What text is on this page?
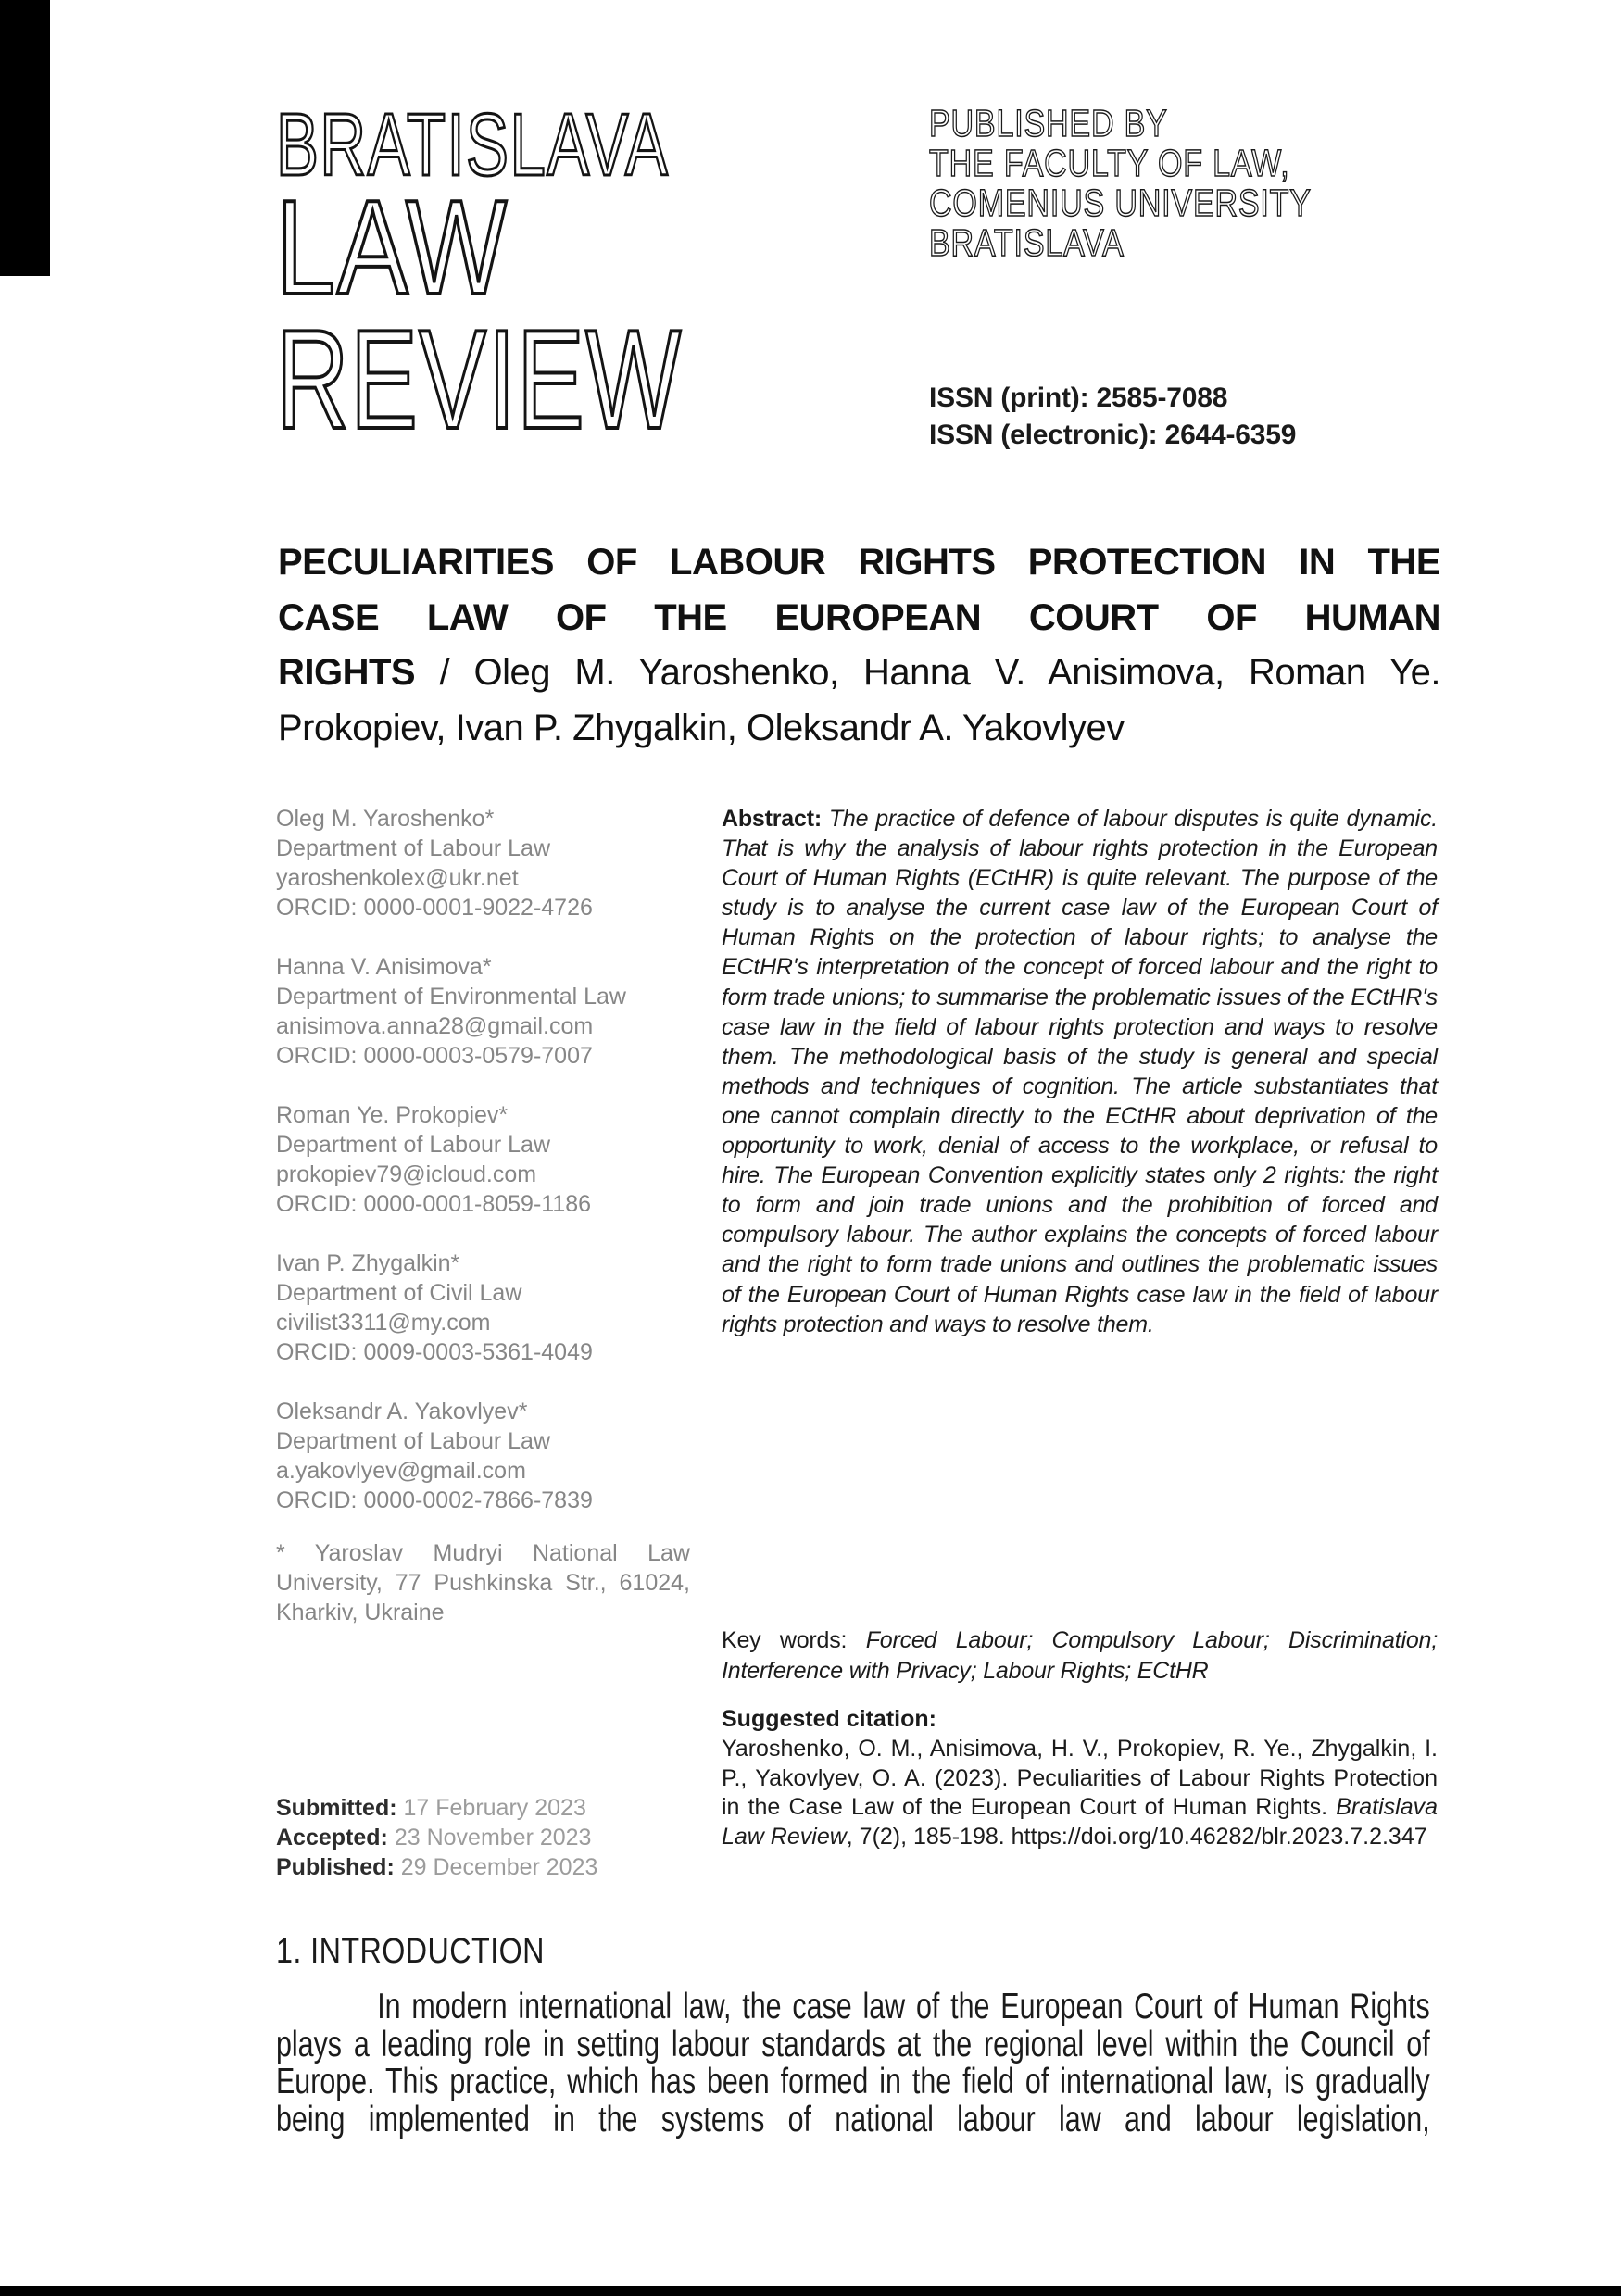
BRATISLAVA
LAW
REVIEW
PUBLISHED BY
THE FACULTY OF LAW,
COMENIUS UNIVERSITY
BRATISLAVA
ISSN (print): 2585-7088
ISSN (electronic): 2644-6359
PECULIARITIES OF LABOUR RIGHTS PROTECTION IN THE
CASE LAW OF THE EUROPEAN COURT OF HUMAN
RIGHTS / Oleg M. Yaroshenko, Hanna V. Anisimova, Roman Ye.
Prokopiev, Ivan P. Zhygalkin, Oleksandr A. Yakovlyev
Oleg M. Yaroshenko*
Department of Labour Law
yaroshenkolex@ukr.net
ORCID: 0000-0001-9022-4726
Hanna V. Anisimova*
Department of Environmental Law
anisimova.anna28@gmail.com
ORCID: 0000-0003-0579-7007
Roman Ye. Prokopiev*
Department of Labour Law
prokopiev79@icloud.com
ORCID: 0000-0001-8059-1186
Ivan P. Zhygalkin*
Department of Civil Law
civilist3311@my.com
ORCID: 0009-0003-5361-4049
Oleksandr A. Yakovlyev*
Department of Labour Law
a.yakovlyev@gmail.com
ORCID: 0000-0002-7866-7839
* Yaroslav Mudryi National Law University, 77 Pushkinska Str., 61024, Kharkiv, Ukraine
Submitted: 17 February 2023
Accepted: 23 November 2023
Published: 29 December 2023
Abstract: The practice of defence of labour disputes is quite dynamic. That is why the analysis of labour rights protection in the European Court of Human Rights (ECtHR) is quite relevant. The purpose of the study is to analyse the current case law of the European Court of Human Rights on the protection of labour rights; to analyse the ECtHR's interpretation of the concept of forced labour and the right to form trade unions; to summarise the problematic issues of the ECtHR's case law in the field of labour rights protection and ways to resolve them. The methodological basis of the study is general and special methods and techniques of cognition. The article substantiates that one cannot complain directly to the ECtHR about deprivation of the opportunity to work, denial of access to the workplace, or refusal to hire. The European Convention explicitly states only 2 rights: the right to form and join trade unions and the prohibition of forced and compulsory labour. The author explains the concepts of forced labour and the right to form trade unions and outlines the problematic issues of the European Court of Human Rights case law in the field of labour rights protection and ways to resolve them.
Key words: Forced Labour; Compulsory Labour; Discrimination; Interference with Privacy; Labour Rights; ECtHR
Suggested citation:
Yaroshenko, O. M., Anisimova, H. V., Prokopiev, R. Ye., Zhygalkin, I. P., Yakovlyev, O. A. (2023). Peculiarities of Labour Rights Protection in the Case Law of the European Court of Human Rights. Bratislava Law Review, 7(2), 185-198. https://doi.org/10.46282/blr.2023.7.2.347
1. INTRODUCTION
In modern international law, the case law of the European Court of Human Rights plays a leading role in setting labour standards at the regional level within the Council of Europe. This practice, which has been formed in the field of international law, is gradually being implemented in the systems of national labour law and labour legislation,
